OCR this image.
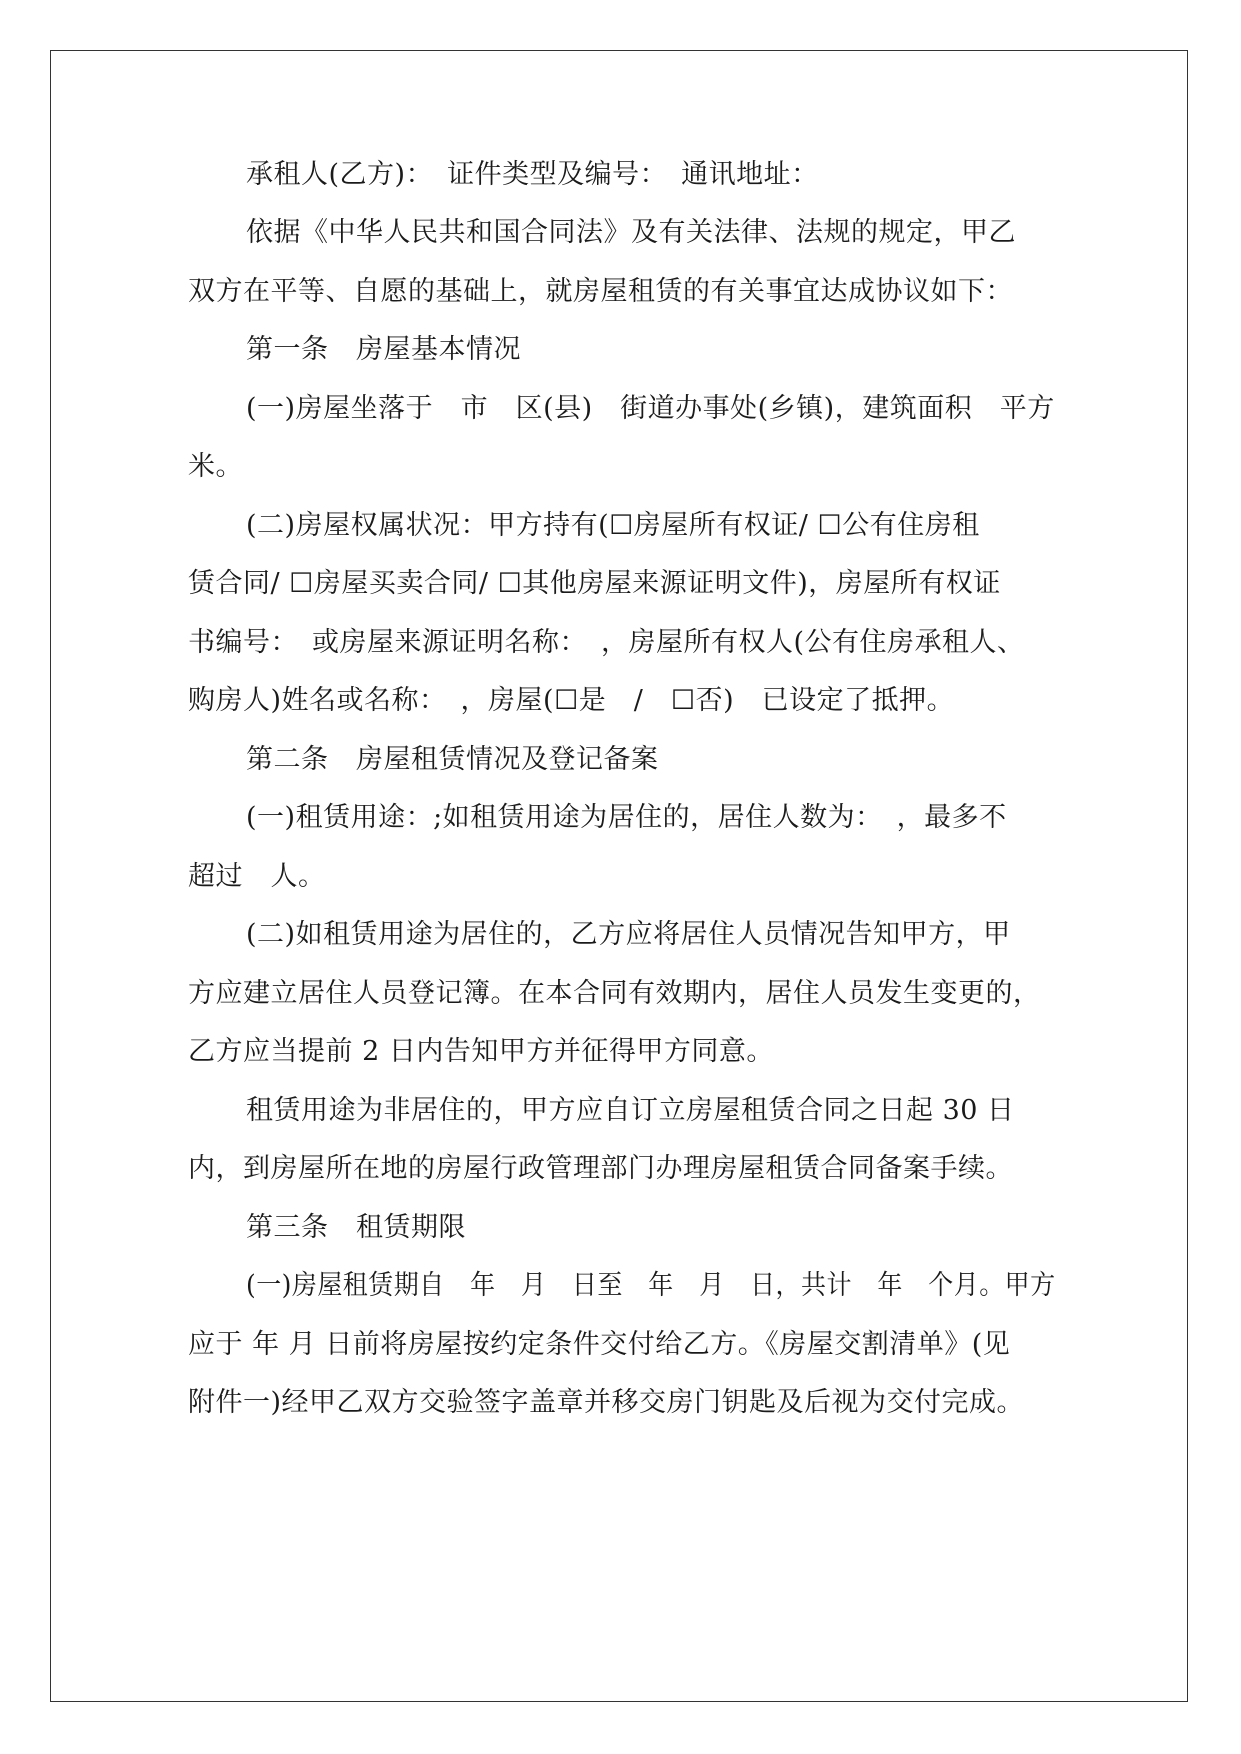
承租人(乙方)：　证件类型及编号：　通讯地址：
依据《中华人民共和国合同法》及有关法律、法规的规定，甲乙
双方在平等、自愿的基础上，就房屋租赁的有关事宜达成协议如下：
第一条　房屋基本情况
(一)房屋坐落于　市　区(县)　街道办事处(乡镇)，建筑面积　平方
米。
(二)房屋权属状况：甲方持有(☐房屋所有权证/ ☐公有住房租
赁合同/ ☐房屋买卖合同/ ☐其他房屋来源证明文件)，房屋所有权证
书编号：　或房屋来源证明名称：　，房屋所有权人(公有住房承租人、
购房人)姓名或名称：　，房屋(☐是　/　☐否)　已设定了抵押。
第二条　房屋租赁情况及登记备案
(一)租赁用途：;如租赁用途为居住的，居住人数为：　，最多不
超过　人。
(二)如租赁用途为居住的，乙方应将居住人员情况告知甲方，甲
方应建立居住人员登记簿。在本合同有效期内，居住人员发生变更的，
乙方应当提前 2 日内告知甲方并征得甲方同意。
租赁用途为非居住的，甲方应自订立房屋租赁合同之日起 30 日
内，到房屋所在地的房屋行政管理部门办理房屋租赁合同备案手续。
第三条　租赁期限
(一)房屋租赁期自　年　月　日至　年　月　日，共计　年　个月。甲方
应于 年 月 日前将房屋按约定条件交付给乙方。《房屋交割清单》(见
附件一)经甲乙双方交验签字盖章并移交房门钥匙及后视为交付完成。
